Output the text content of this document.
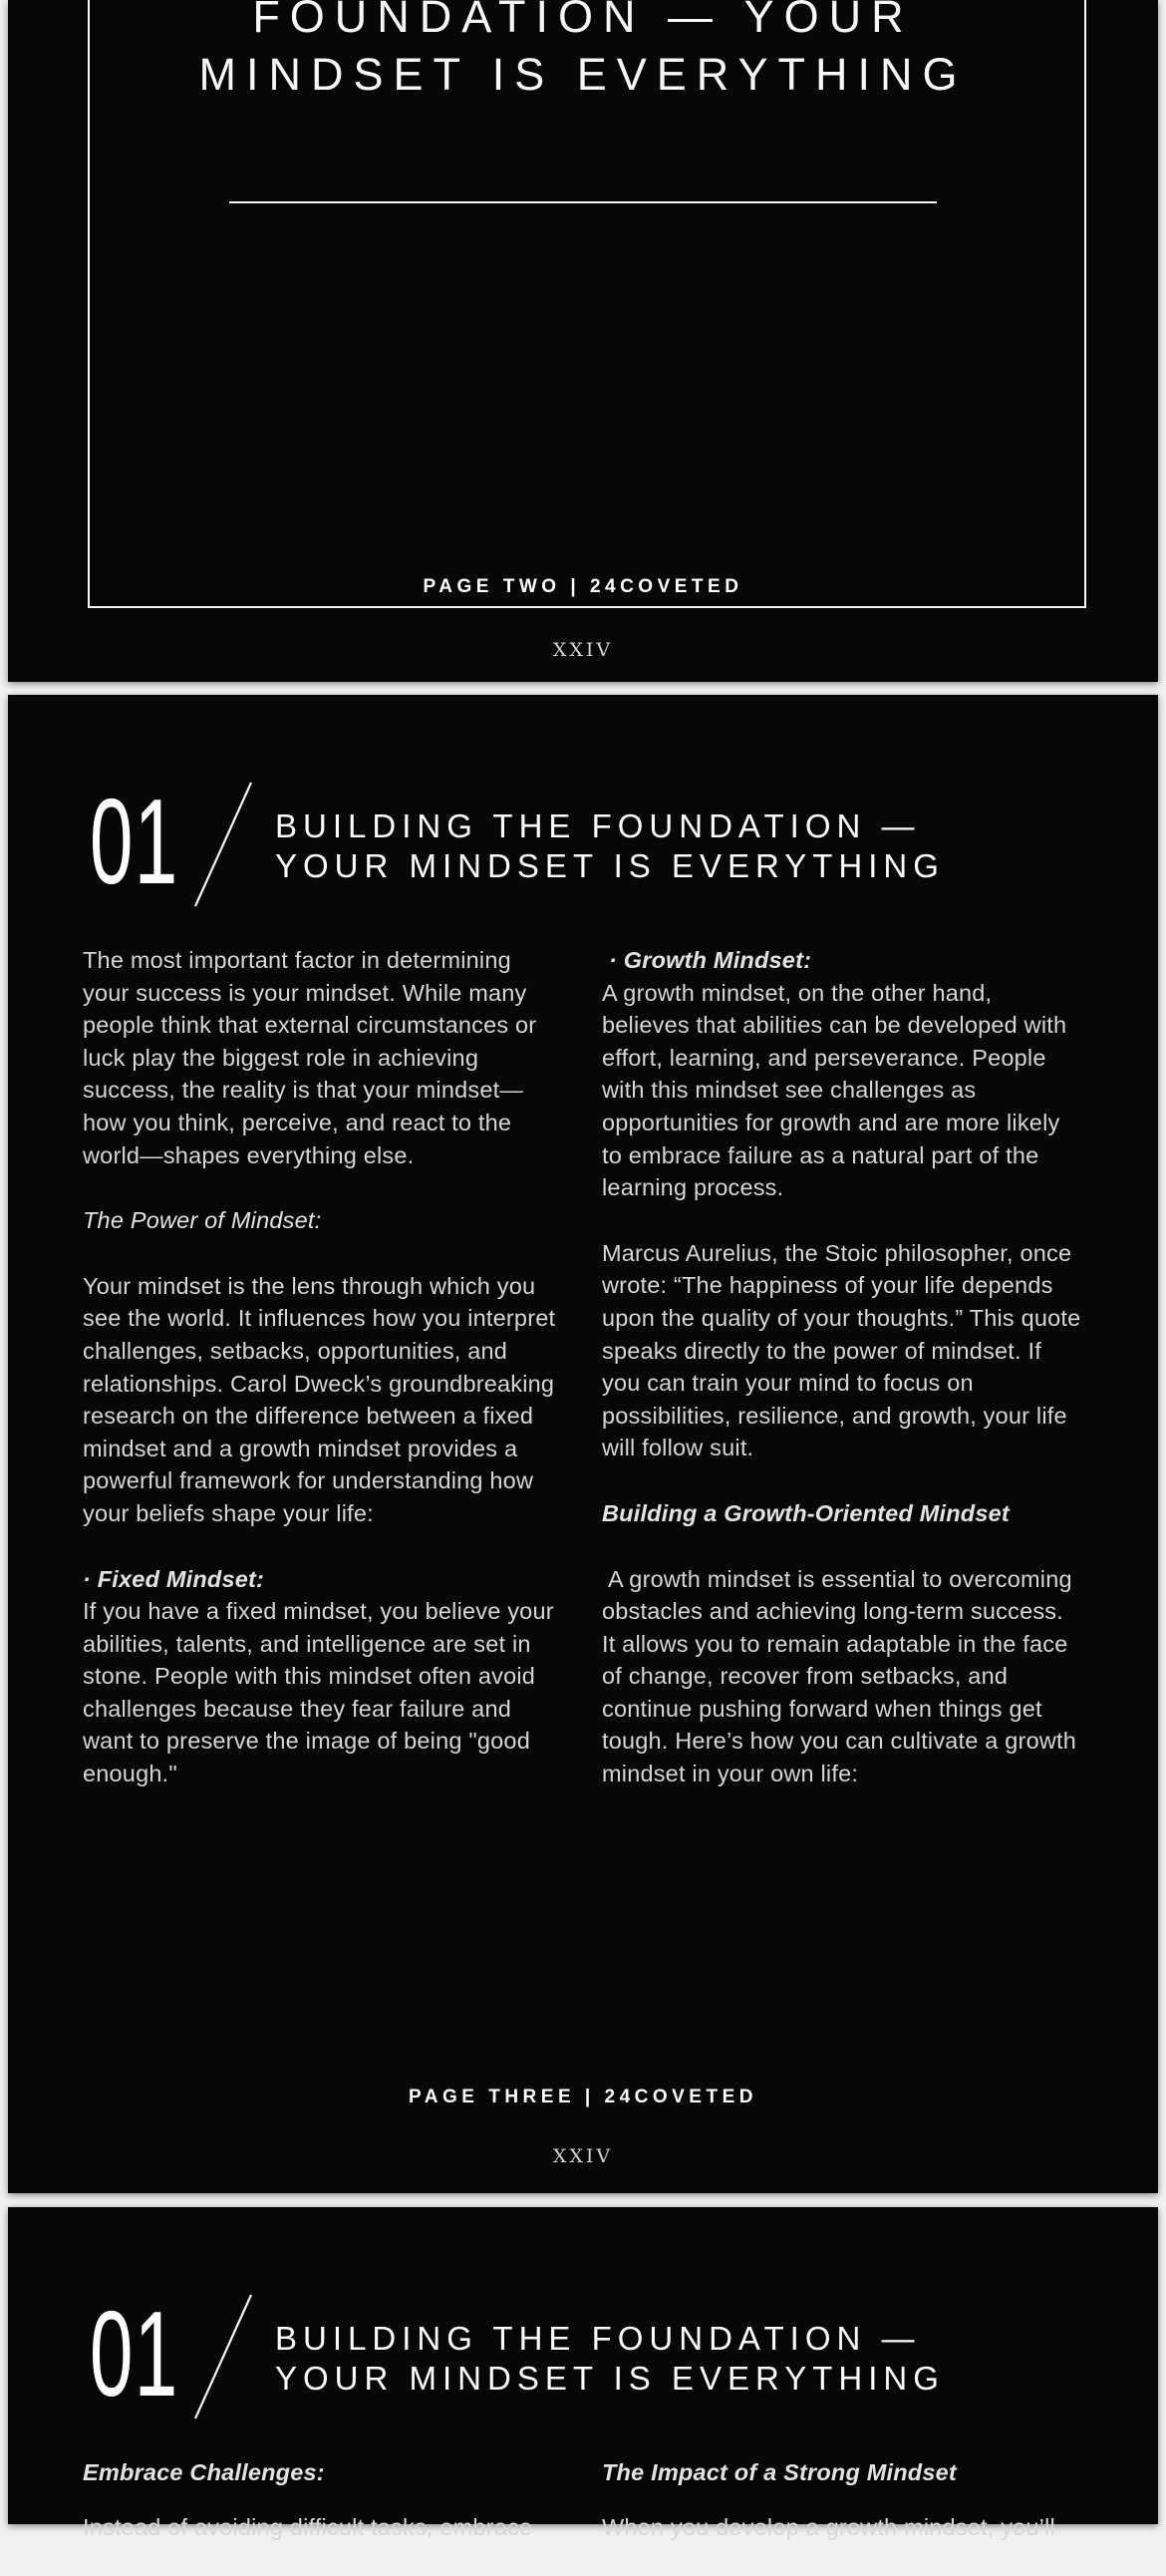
FOUNDATION — YOUR
MINDSET IS EVERYTHING
PAGE TWO | 24COVETED
XXIV
01	BUILDING THE FOUNDATION —
YOUR MINDSET IS EVERYTHING

The most important factor in determining your success is your mindset. While many people think that external circumstances or luck play the biggest role in achieving success, the reality is that your mindset—how you think, perceive, and react to the world—shapes everything else.

The Power of Mindset:

Your mindset is the lens through which you see the world. It influences how you interpret challenges, setbacks, opportunities, and relationships. Carol Dweck’s groundbreaking research on the difference between a fixed mindset and a growth mindset provides a powerful framework for understanding how your beliefs shape your life:

· Fixed Mindset:

If you have a fixed mindset, you believe your abilities, talents, and intelligence are set in stone. People with this mindset often avoid challenges because they fear failure and want to preserve the image of being "good enough."

· Growth Mindset:

A growth mindset, on the other hand, believes that abilities can be developed with effort, learning, and perseverance. People with this mindset see challenges as opportunities for growth and are more likely to embrace failure as a natural part of the learning process.

Marcus Aurelius, the Stoic philosopher, once wrote: “The happiness of your life depends upon the quality of your thoughts.” This quote speaks directly to the power of mindset. If you can train your mind to focus on possibilities, resilience, and growth, your life will follow suit.

Building a Growth-Oriented Mindset

A growth mindset is essential to overcoming obstacles and achieving long-term success. It allows you to remain adaptable in the face of change, recover from setbacks, and continue pushing forward when things get tough. Here’s how you can cultivate a growth mindset in your own life:

PAGE THREE | 24COVETED
XXIV
01	BUILDING THE FOUNDATION —
YOUR MINDSET IS EVERYTHING

Embrace Challenges:

Instead of avoiding difficult tasks, embrace

The Impact of a Strong Mindset

When you develop a growth mindset, you’ll
